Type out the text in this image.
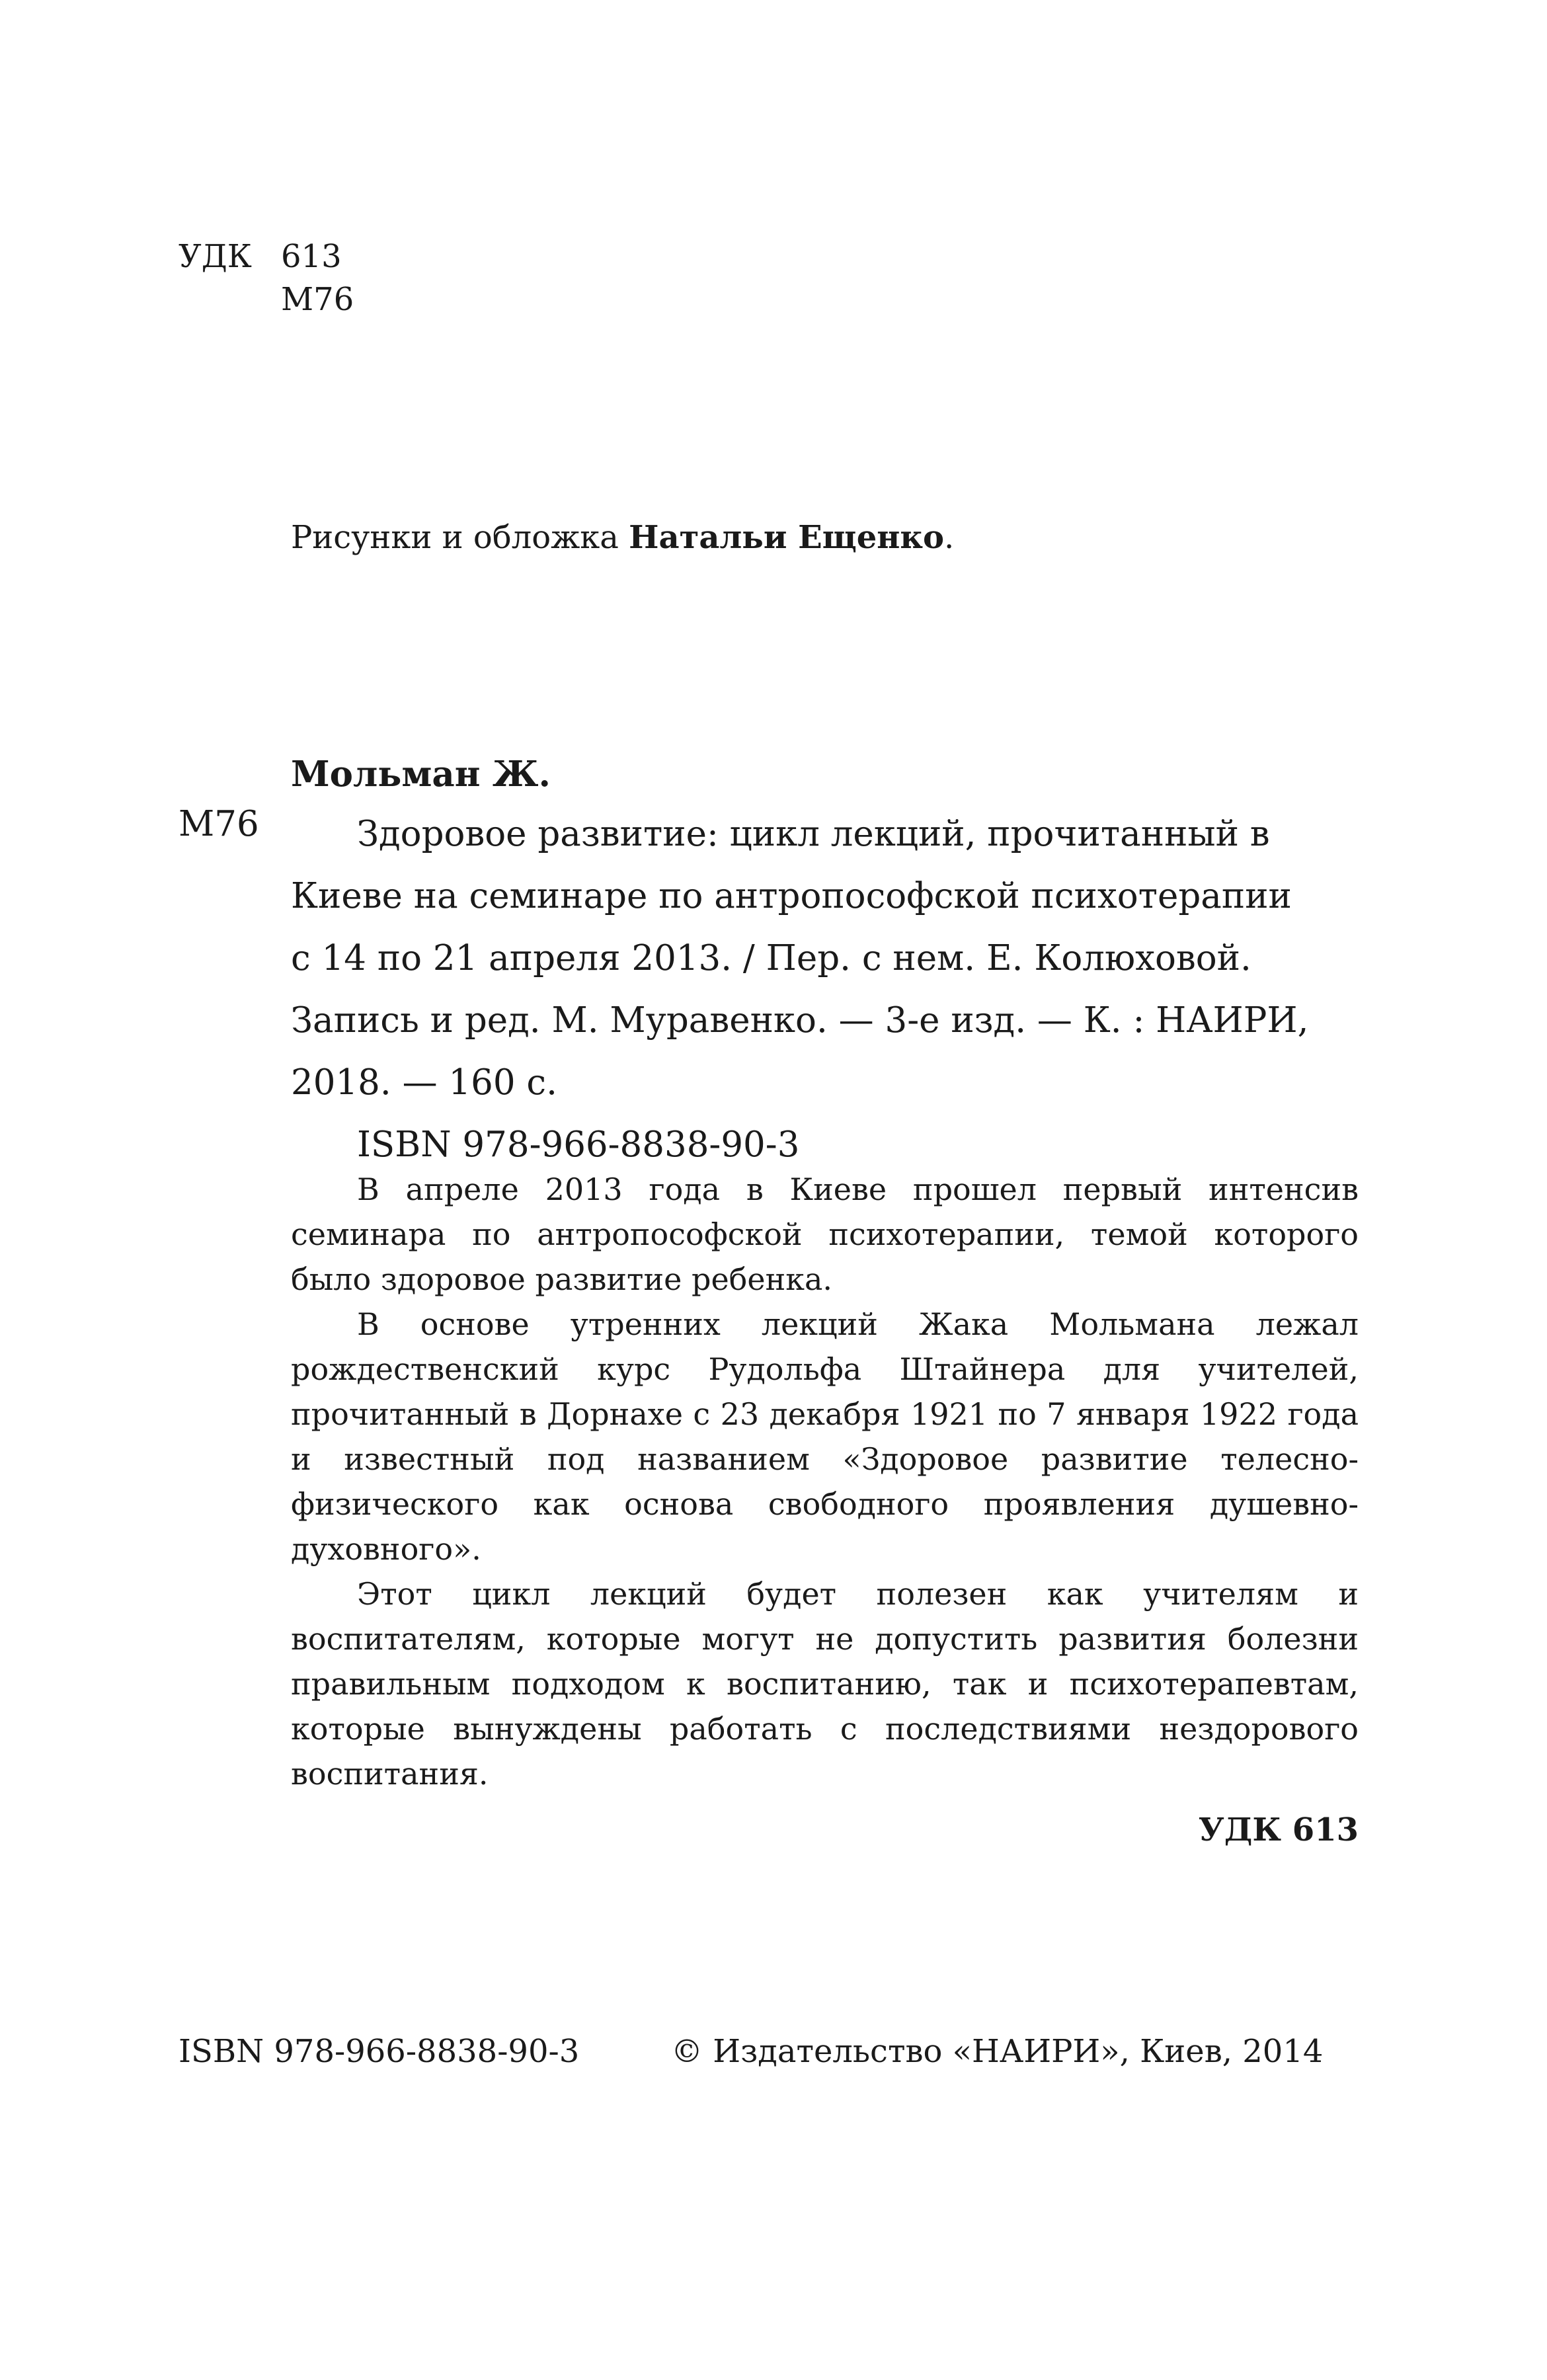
УДК 613
М76
Рисунки и обложка Натальи Ещенко.
Мольман Ж.
М76	Здоровое развитие: цикл лекций, прочитанный в

Киеве на семинаре по антропософской психотерапии

с 14 по 21 апреля 2013. / Пер. с нем. Е. Колюховой.

Запись и ред. М. Муравенко. — 3-е изд. — К. : НАИРИ,

2018. — 160 с.

ISBN 978-966-8838-90-3

В апреле 2013 года в Киеве прошел первый интенсив семинара по антропософской психотерапии, темой которого было здоровое развитие ребенка.

В основе утренних лекций Жака Мольмана лежал рождественский курс Рудольфа Штайнера для учителей, прочитанный в Дорнахе с 23 декабря 1921 по 7 января 1922 года и известный под названием «Здоровое развитие телесно-физического как основа свободного проявления душевно-духовного».

Этот цикл лекций будет полезен как учителям и воспитателям, которые могут не допустить развития болезни правильным подходом к воспитанию, так и психотерапевтам, которые вынуждены работать с последствиями нездорового воспитания.

УДК 613
ISBN 978-966-8838-90-3	© Издательство «НАИРИ», Киев, 2014
